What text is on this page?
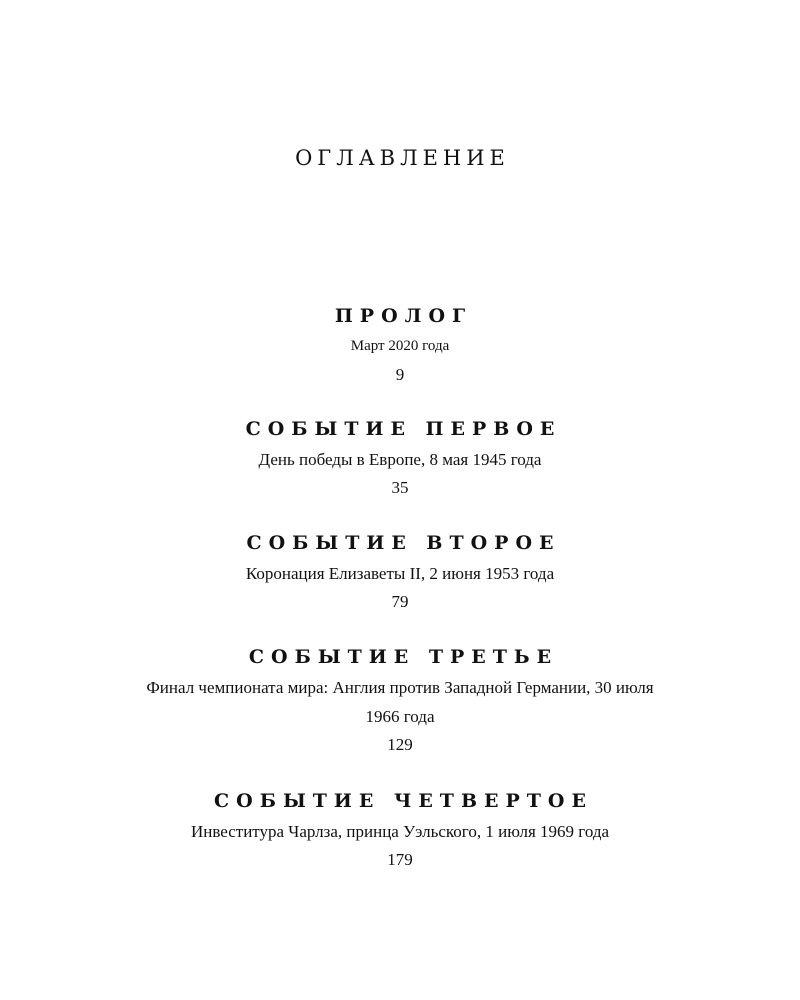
ОГЛАВЛЕНИЕ
ПРОЛОГ
Март 2020 года
9
СОБЫТИЕ ПЕРВОЕ
День победы в Европе, 8 мая 1945 года
35
СОБЫТИЕ ВТОРОЕ
Коронация Елизаветы II, 2 июня 1953 года
79
СОБЫТИЕ ТРЕТЬЕ
Финал чемпионата мира: Англия против Западной Германии, 30 июля 1966 года
129
СОБЫТИЕ ЧЕТВЕРТОЕ
Инвеститура Чарлза, принца Уэльского, 1 июля 1969 года
179
